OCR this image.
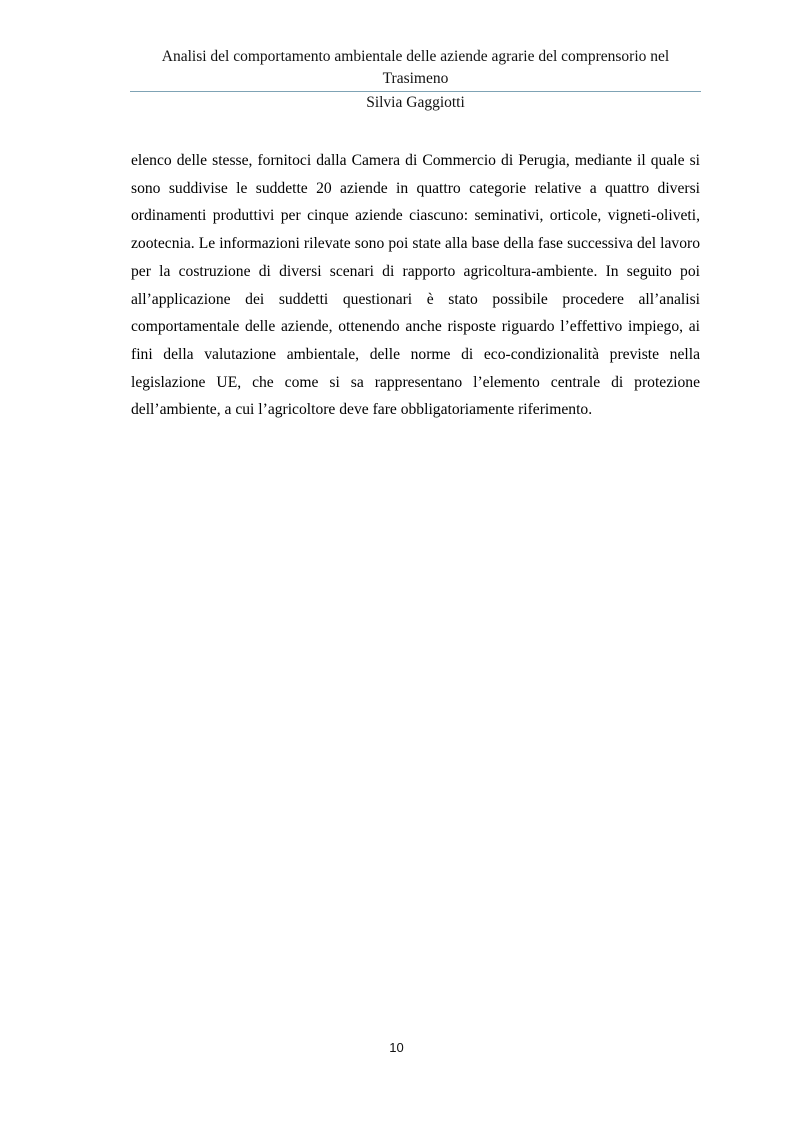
Analisi del comportamento ambientale delle aziende agrarie del comprensorio nel Trasimeno
Silvia Gaggiotti

elenco delle stesse, fornitoci dalla Camera di Commercio di Perugia, mediante il quale si sono suddivise le suddette 20 aziende in quattro categorie relative a quattro diversi ordinamenti produttivi per cinque aziende ciascuno: seminativi, orticole, vigneti-oliveti, zootecnia. Le informazioni rilevate sono poi state alla base della fase successiva del lavoro per la costruzione di diversi scenari di rapporto agricoltura-ambiente. In seguito poi all’applicazione dei suddetti questionari è stato possibile procedere all’analisi comportamentale delle aziende, ottenendo anche risposte riguardo l’effettivo impiego, ai fini della valutazione ambientale, delle norme di eco-condizionalità previste nella legislazione UE, che come si sa rappresentano l’elemento centrale di protezione dell’ambiente, a cui l’agricoltore deve fare obbligatoriamente riferimento.

10
